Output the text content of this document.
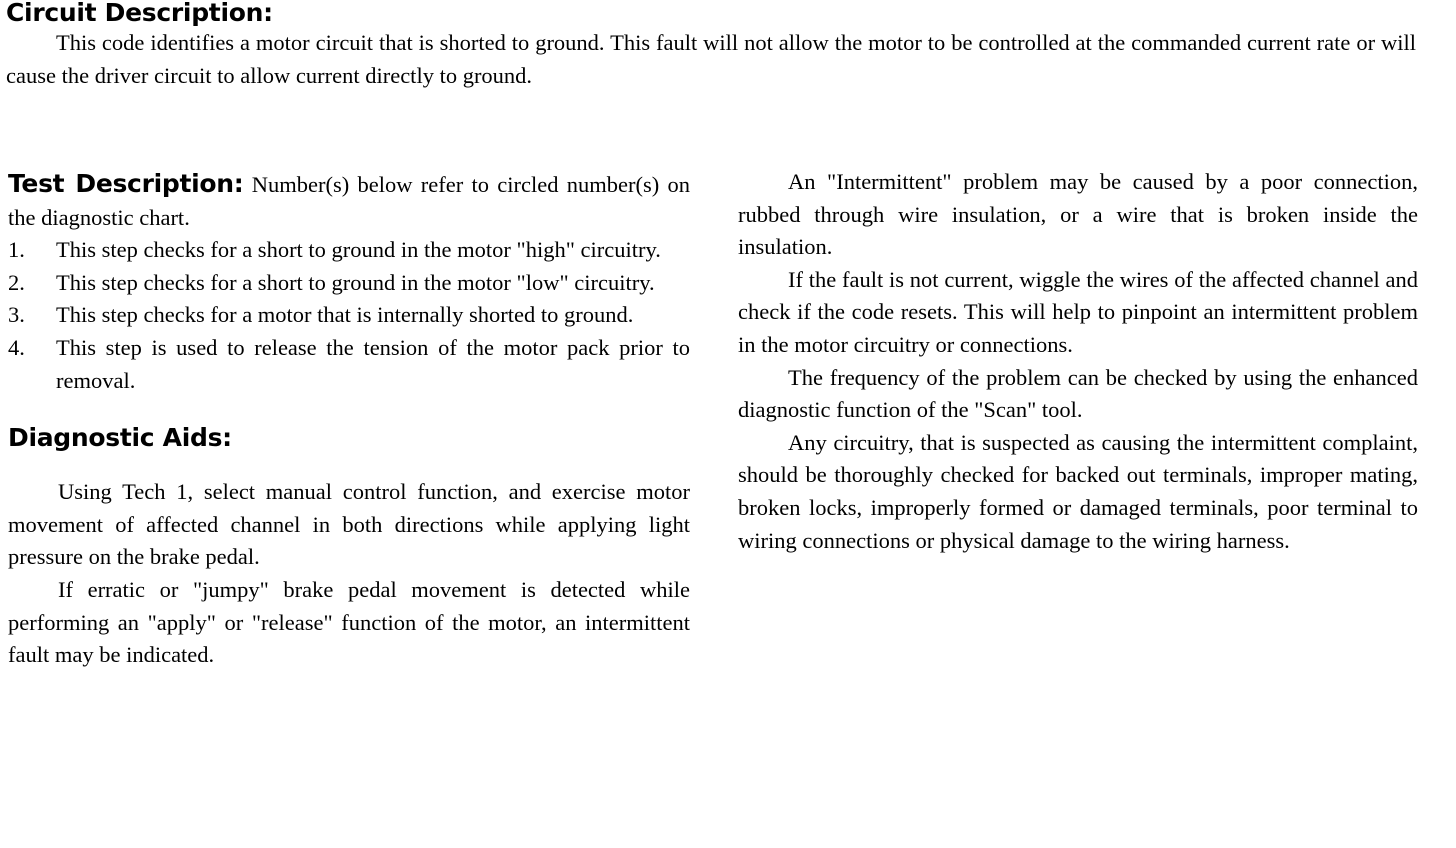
Circuit Description:

This code identifies a motor circuit that is shorted to ground. This fault will not allow the motor to be controlled at the commanded current rate or will cause the driver circuit to allow current directly to ground.

Test Description: Number(s) below refer to circled number(s) on the diagnostic chart.

1. This step checks for a short to ground in the motor "high" circuitry.
2. This step checks for a short to ground in the motor "low" circuitry.
3. This step checks for a motor that is internally shorted to ground.
4. This step is used to release the tension of the motor pack prior to removal.
Diagnostic Aids:

Using Tech 1, select manual control function, and exercise motor movement of affected channel in both directions while applying light pressure on the brake pedal.

If erratic or "jumpy" brake pedal movement is detected while performing an "apply" or "release" function of the motor, an intermittent fault may be indicated.

An "Intermittent" problem may be caused by a poor connection, rubbed through wire insulation, or a wire that is broken inside the insulation.

If the fault is not current, wiggle the wires of the affected channel and check if the code resets. This will help to pinpoint an intermittent problem in the motor circuitry or connections.

The frequency of the problem can be checked by using the enhanced diagnostic function of the "Scan" tool.

Any circuitry, that is suspected as causing the intermittent complaint, should be thoroughly checked for backed out terminals, improper mating, broken locks, improperly formed or damaged terminals, poor terminal to wiring connections or physical damage to the wiring harness.
